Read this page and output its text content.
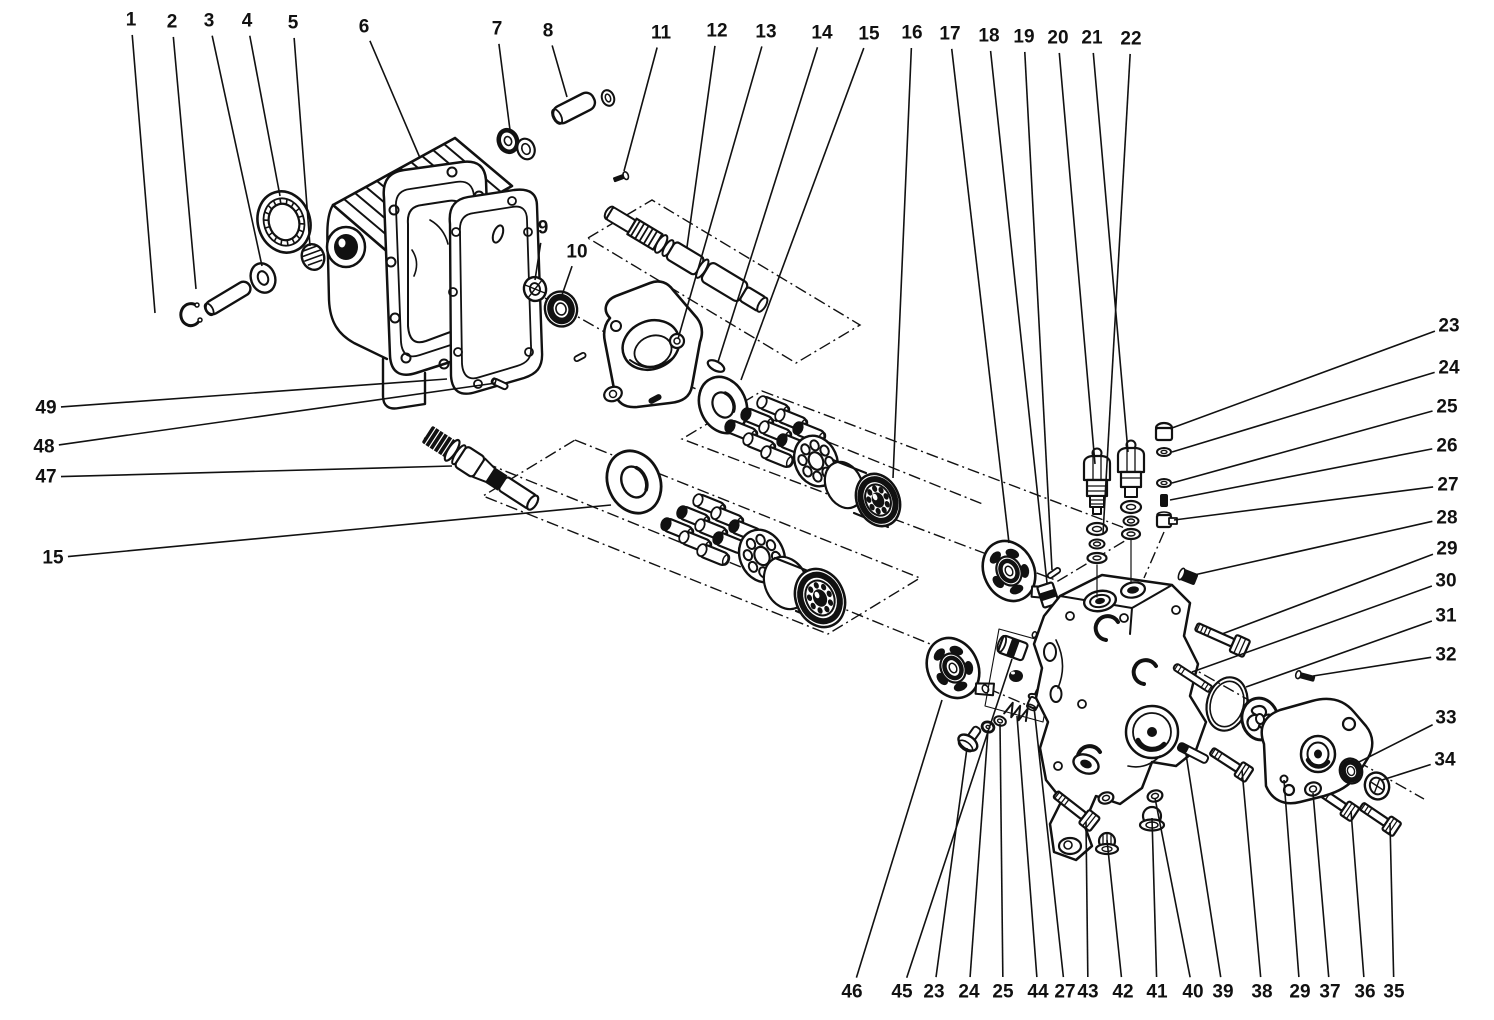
1 2 3 4 5	6	7 8
9
10
11 12 13 14 15 16 17 18 19 20 21 22
23
24
25
26
27
28
29
30
31
32
33
34
49
48
47
15
46 45 23 24 25 44 27 43 42 41 40 39 38 29 37 36 35
